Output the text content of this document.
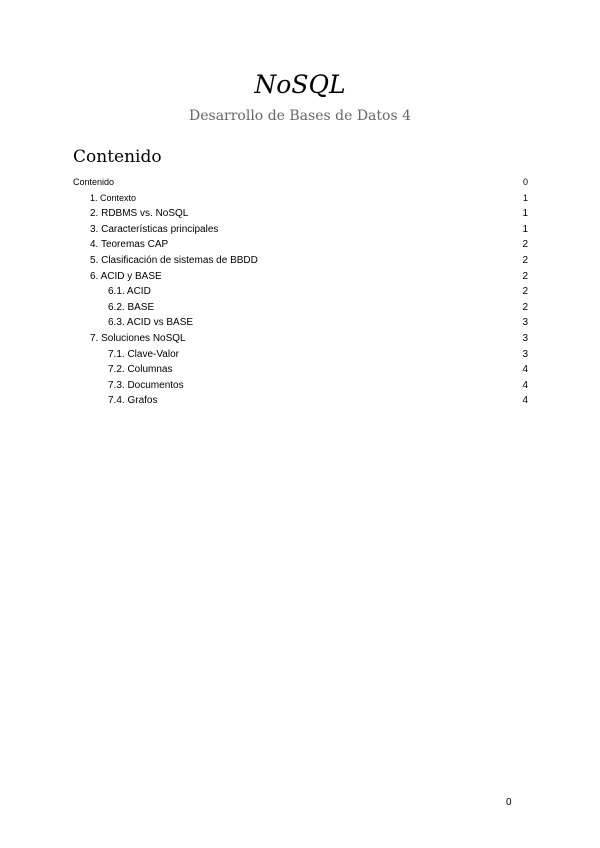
NoSQL
Desarrollo de Bases de Datos 4
Contenido
Contenido	0
1. Contexto	1
2. RDBMS vs. NoSQL	1
3. Características principales	1
4. Teoremas CAP	2
5. Clasificación de sistemas de BBDD	2
6. ACID y BASE	2
6.1. ACID	2
6.2. BASE	2
6.3. ACID vs BASE	3
7. Soluciones NoSQL	3
7.1. Clave-Valor	3
7.2. Columnas	4
7.3. Documentos	4
7.4. Grafos	4
0
